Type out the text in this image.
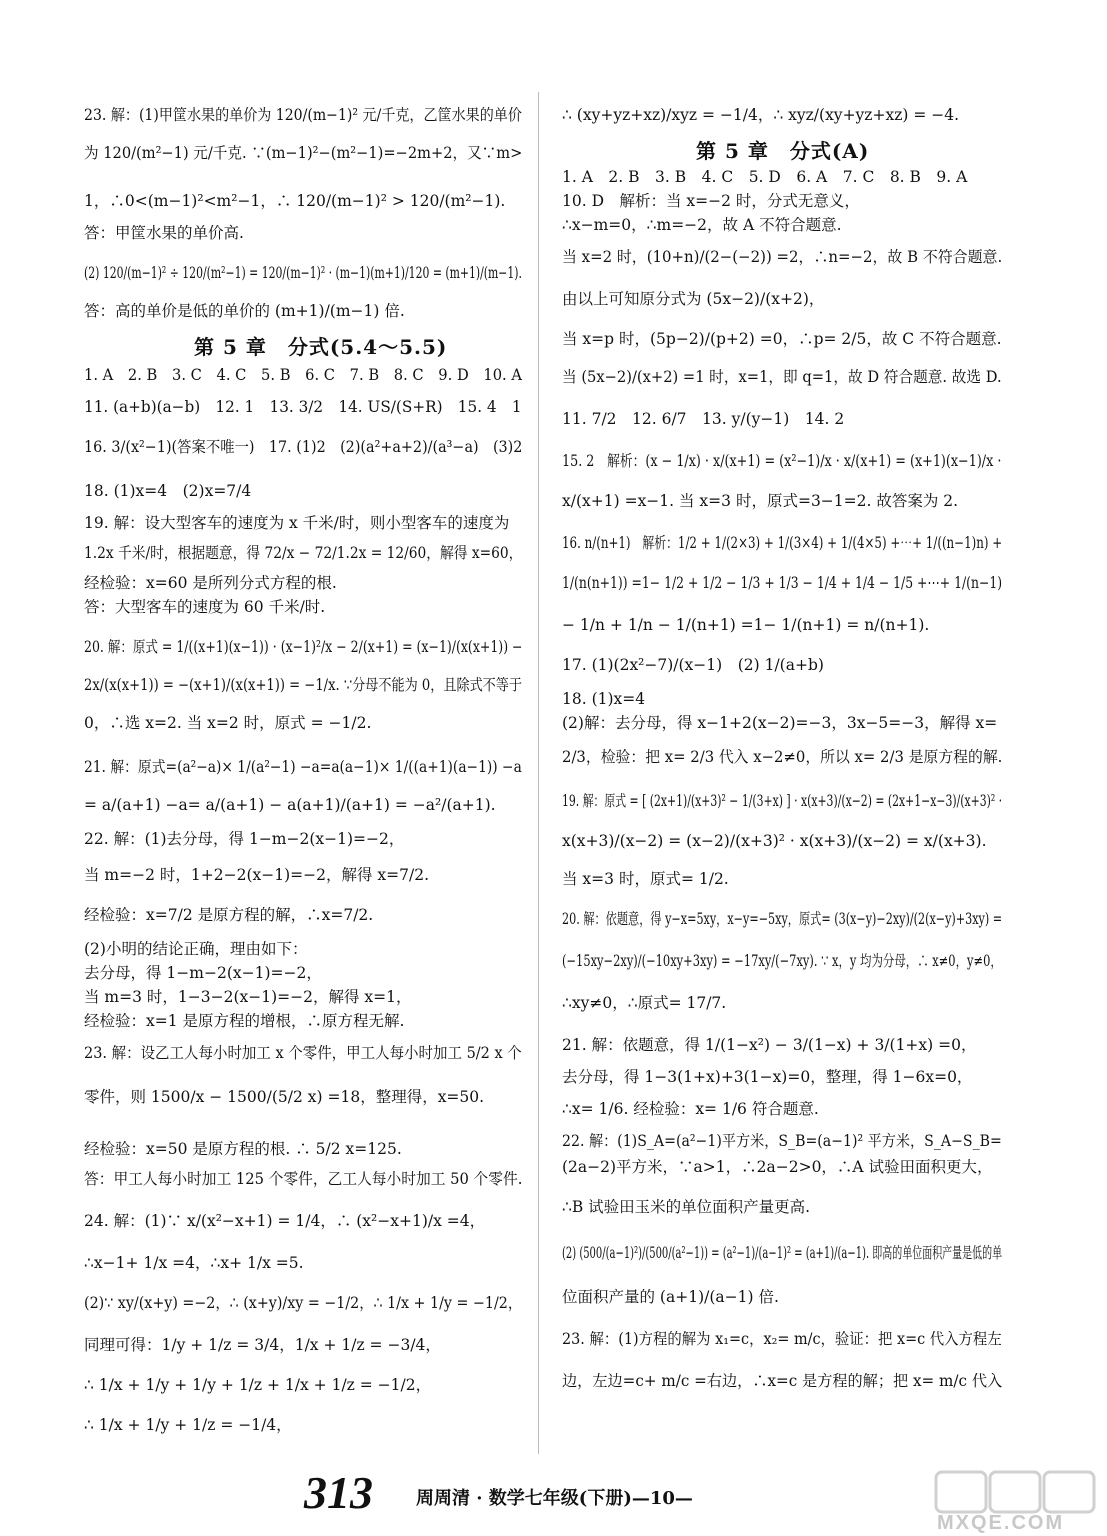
23. 解：(1)甲筐水果的单价为 120/(m−1)² 元/千克，乙筐水果的单价
为 120/(m²−1) 元/千克. ∵(m−1)²−(m²−1)=−2m+2，又∵m>
1，∴0<(m−1)²<m²−1，∴ 120/(m−1)² > 120/(m²−1).
答：甲筐水果的单价高.
(2) 120/(m−1)² ÷ 120/(m²−1) = 120/(m−1)² · (m−1)(m+1)/120 = (m+1)/(m−1).
答：高的单价是低的单价的 (m+1)/(m−1) 倍.
第 5 章　分式(5.4～5.5)
1. A　2. B　3. C　4. C　5. B　6. C　7. B　8. C　9. D　10. A
11. (a+b)(a−b)　12. 1　13. 3/2　14. US/(S+R)　15. 4　1
16. 3/(x²−1)(答案不唯一)　17. (1)2　(2)(a²+a+2)/(a³−a)　(3)2
18. (1)x=4　(2)x=7/4
19. 解：设大型客车的速度为 x 千米/时，则小型客车的速度为
1.2x 千米/时，根据题意，得 72/x − 72/1.2x = 12/60，解得 x=60，
经检验：x=60 是所列分式方程的根.
答：大型客车的速度为 60 千米/时.
20. 解：原式 = 1/((x+1)(x−1)) · (x−1)²/x − 2/(x+1) = (x−1)/(x(x+1)) −
2x/(x(x+1)) = −(x+1)/(x(x+1)) = −1/x. ∵分母不能为 0，且除式不等于
0，∴选 x=2. 当 x=2 时，原式 = −1/2.
21. 解：原式=(a²−a)× 1/(a²−1) −a=a(a−1)× 1/((a+1)(a−1)) −a
= a/(a+1) −a= a/(a+1) − a(a+1)/(a+1) = −a²/(a+1).
22. 解：(1)去分母，得 1−m−2(x−1)=−2，
当 m=−2 时，1+2−2(x−1)=−2，解得 x=7/2.
经检验：x=7/2 是原方程的解，∴x=7/2.
(2)小明的结论正确，理由如下：
去分母，得 1−m−2(x−1)=−2，
当 m=3 时，1−3−2(x−1)=−2，解得 x=1，
经检验：x=1 是原方程的增根，∴原方程无解.
23. 解：设乙工人每小时加工 x 个零件，甲工人每小时加工 5/2 x 个
零件，则 1500/x − 1500/(5/2 x) =18，整理得，x=50.
经检验：x=50 是原方程的根. ∴ 5/2 x=125.
答：甲工人每小时加工 125 个零件，乙工人每小时加工 50 个零件.
24. 解：(1)∵ x/(x²−x+1) = 1/4，∴ (x²−x+1)/x =4，
∴x−1+ 1/x =4，∴x+ 1/x =5.
(2)∵ xy/(x+y) =−2，∴ (x+y)/xy = −1/2，∴ 1/x + 1/y = −1/2，
同理可得：1/y + 1/z = 3/4，1/x + 1/z = −3/4，
∴ 1/x + 1/y + 1/y + 1/z + 1/x + 1/z = −1/2，
∴ 1/x + 1/y + 1/z = −1/4，
∴ (xy+yz+xz)/xyz = −1/4，∴ xyz/(xy+yz+xz) = −4.
第 5 章　分式(A)
1. A　2. B　3. B　4. C　5. D　6. A　7. C　8. B　9. A
10. D　解析：当 x=−2 时，分式无意义，
∴x−m=0，∴m=−2，故 A 不符合题意.
当 x=2 时，(10+n)/(2−(−2)) =2，∴n=−2，故 B 不符合题意.
由以上可知原分式为 (5x−2)/(x+2)，
当 x=p 时，(5p−2)/(p+2) =0，∴p= 2/5，故 C 不符合题意.
当 (5x−2)/(x+2) =1 时，x=1，即 q=1，故 D 符合题意. 故选 D.
11. 7/2　12. 6/7　13. y/(y−1)　14. 2
15. 2　解析：(x − 1/x) · x/(x+1) = (x²−1)/x · x/(x+1) = (x+1)(x−1)/x ·
x/(x+1) =x−1. 当 x=3 时，原式=3−1=2. 故答案为 2.
16. n/(n+1)　解析：1/2 + 1/(2×3) + 1/(3×4) + 1/(4×5) +⋯+ 1/((n−1)n) +
1/(n(n+1)) =1− 1/2 + 1/2 − 1/3 + 1/3 − 1/4 + 1/4 − 1/5 +⋯+ 1/(n−1)
− 1/n + 1/n − 1/(n+1) =1− 1/(n+1) = n/(n+1).
17. (1)(2x²−7)/(x−1)　(2) 1/(a+b)
18. (1)x=4
(2)解：去分母，得 x−1+2(x−2)=−3，3x−5=−3，解得 x=
2/3，检验：把 x= 2/3 代入 x−2≠0，所以 x= 2/3 是原方程的解.
19. 解：原式 = [ (2x+1)/(x+3)² − 1/(3+x) ] · x(x+3)/(x−2) = (2x+1−x−3)/(x+3)² ·
x(x+3)/(x−2) = (x−2)/(x+3)² · x(x+3)/(x−2) = x/(x+3).
当 x=3 时，原式= 1/2.
20. 解：依题意，得 y−x=5xy，x−y=−5xy，原式= (3(x−y)−2xy)/(2(x−y)+3xy) =
(−15xy−2xy)/(−10xy+3xy) = −17xy/(−7xy). ∵ x，y 均为分母，∴ x≠0，y≠0，
∴xy≠0，∴原式= 17/7.
21. 解：依题意，得 1/(1−x²) − 3/(1−x) + 3/(1+x) =0，
去分母，得 1−3(1+x)+3(1−x)=0，整理，得 1−6x=0，
∴x= 1/6. 经检验：x= 1/6 符合题意.
22. 解：(1)S_A=(a²−1)平方米，S_B=(a−1)² 平方米，S_A−S_B=
(2a−2)平方米，∵a>1，∴2a−2>0，∴A 试验田面积更大，
∴B 试验田玉米的单位面积产量更高.
(2) (500/(a−1)²)/(500/(a²−1)) = (a²−1)/(a−1)² = (a+1)/(a−1). 即高的单位面积产量是低的单
位面积产量的 (a+1)/(a−1) 倍.
23. 解：(1)方程的解为 x₁=c，x₂= m/c，验证：把 x=c 代入方程左
边，左边=c+ m/c =右边，∴x=c 是方程的解；把 x= m/c 代入
313 周周清 · 数学七年级(下册)—10—
MXQE.COM
